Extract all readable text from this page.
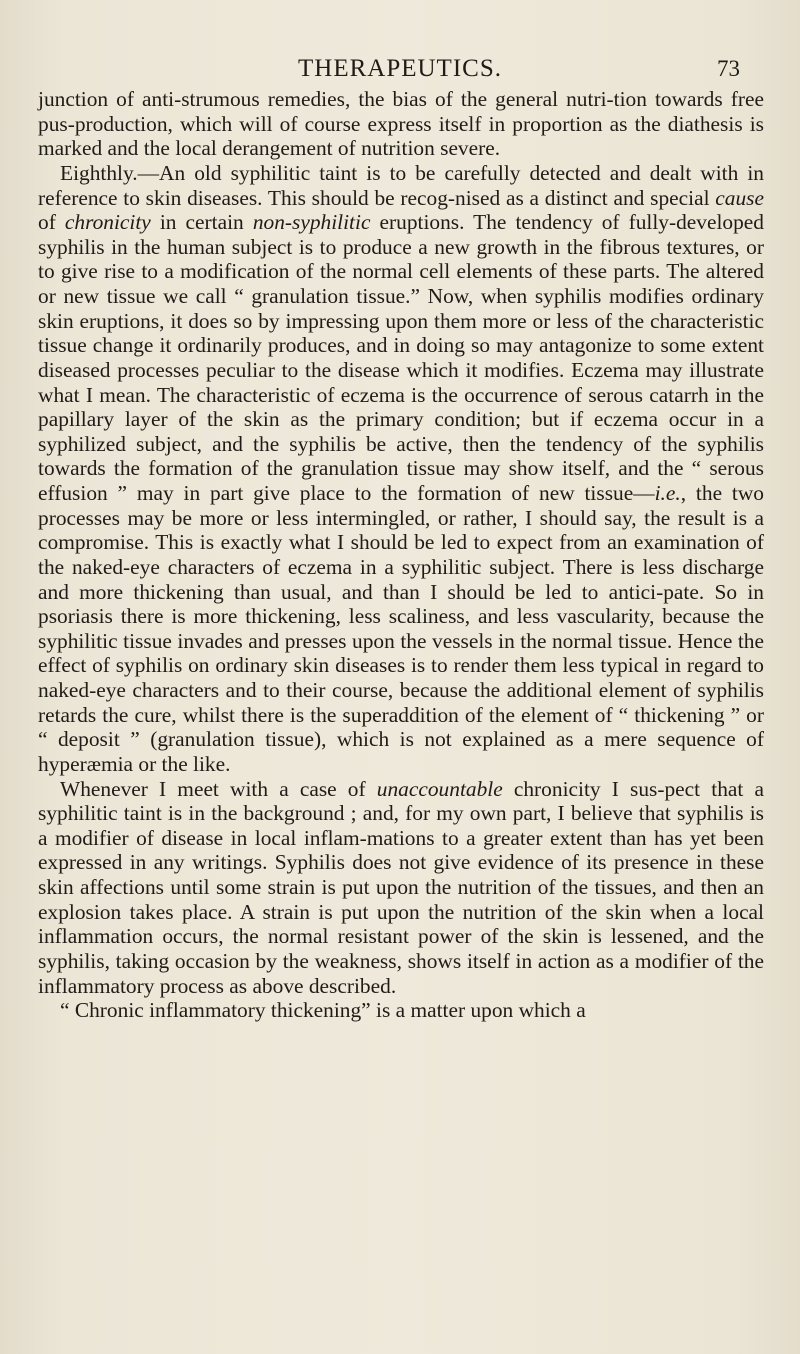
THERAPEUTICS.	73

junction of anti-strumous remedies, the bias of the general nutri-tion towards free pus-production, which will of course express itself in proportion as the diathesis is marked and the local derangement of nutrition severe.

Eighthly.—An old syphilitic taint is to be carefully detected and dealt with in reference to skin diseases. This should be recog-nised as a distinct and special cause of chronicity in certain non-syphilitic eruptions. The tendency of fully-developed syphilis in the human subject is to produce a new growth in the fibrous textures, or to give rise to a modification of the normal cell elements of these parts. The altered or new tissue we call “ granulation tissue.” Now, when syphilis modifies ordinary skin eruptions, it does so by impressing upon them more or less of the characteristic tissue change it ordinarily produces, and in doing so may antagonize to some extent diseased processes peculiar to the disease which it modifies. Eczema may illustrate what I mean. The characteristic of eczema is the occurrence of serous catarrh in the papillary layer of the skin as the primary condition; but if eczema occur in a syphilized subject, and the syphilis be active, then the tendency of the syphilis towards the formation of the granulation tissue may show itself, and the “ serous effusion ” may in part give place to the formation of new tissue—i.e., the two processes may be more or less intermingled, or rather, I should say, the result is a compromise. This is exactly what I should be led to expect from an examination of the naked-eye characters of eczema in a syphilitic subject. There is less discharge and more thickening than usual, and than I should be led to antici-pate. So in psoriasis there is more thickening, less scaliness, and less vascularity, because the syphilitic tissue invades and presses upon the vessels in the normal tissue. Hence the effect of syphilis on ordinary skin diseases is to render them less typical in regard to naked-eye characters and to their course, because the additional element of syphilis retards the cure, whilst there is the superaddition of the element of “ thickening ” or “ deposit ” (granulation tissue), which is not explained as a mere sequence of hyperæmia or the like.

Whenever I meet with a case of unaccountable chronicity I sus-pect that a syphilitic taint is in the background ; and, for my own part, I believe that syphilis is a modifier of disease in local inflam-mations to a greater extent than has yet been expressed in any writings. Syphilis does not give evidence of its presence in these skin affections until some strain is put upon the nutrition of the tissues, and then an explosion takes place. A strain is put upon the nutrition of the skin when a local inflammation occurs, the normal resistant power of the skin is lessened, and the syphilis, taking occasion by the weakness, shows itself in action as a modifier of the inflammatory process as above described.

“ Chronic inflammatory thickening” is a matter upon which a
